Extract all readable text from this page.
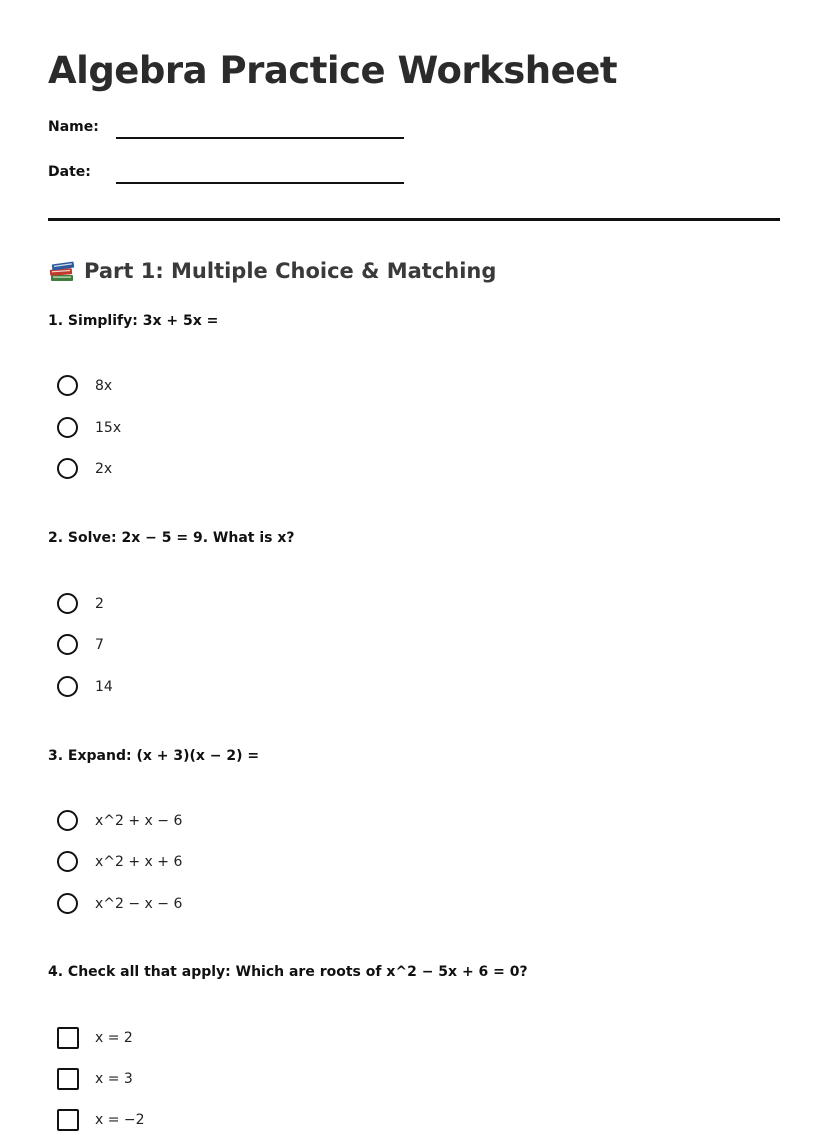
Algebra Practice Worksheet
Name:
Date:
Part 1: Multiple Choice & Matching
1. Simplify: 3x + 5x =
8x
15x
2x
2. Solve: 2x − 5 = 9. What is x?
2
7
14
3. Expand: (x + 3)(x − 2) =
x^2 + x − 6
x^2 + x + 6
x^2 − x − 6
4. Check all that apply: Which are roots of x^2 − 5x + 6 = 0?
x = 2
x = 3
x = −2
